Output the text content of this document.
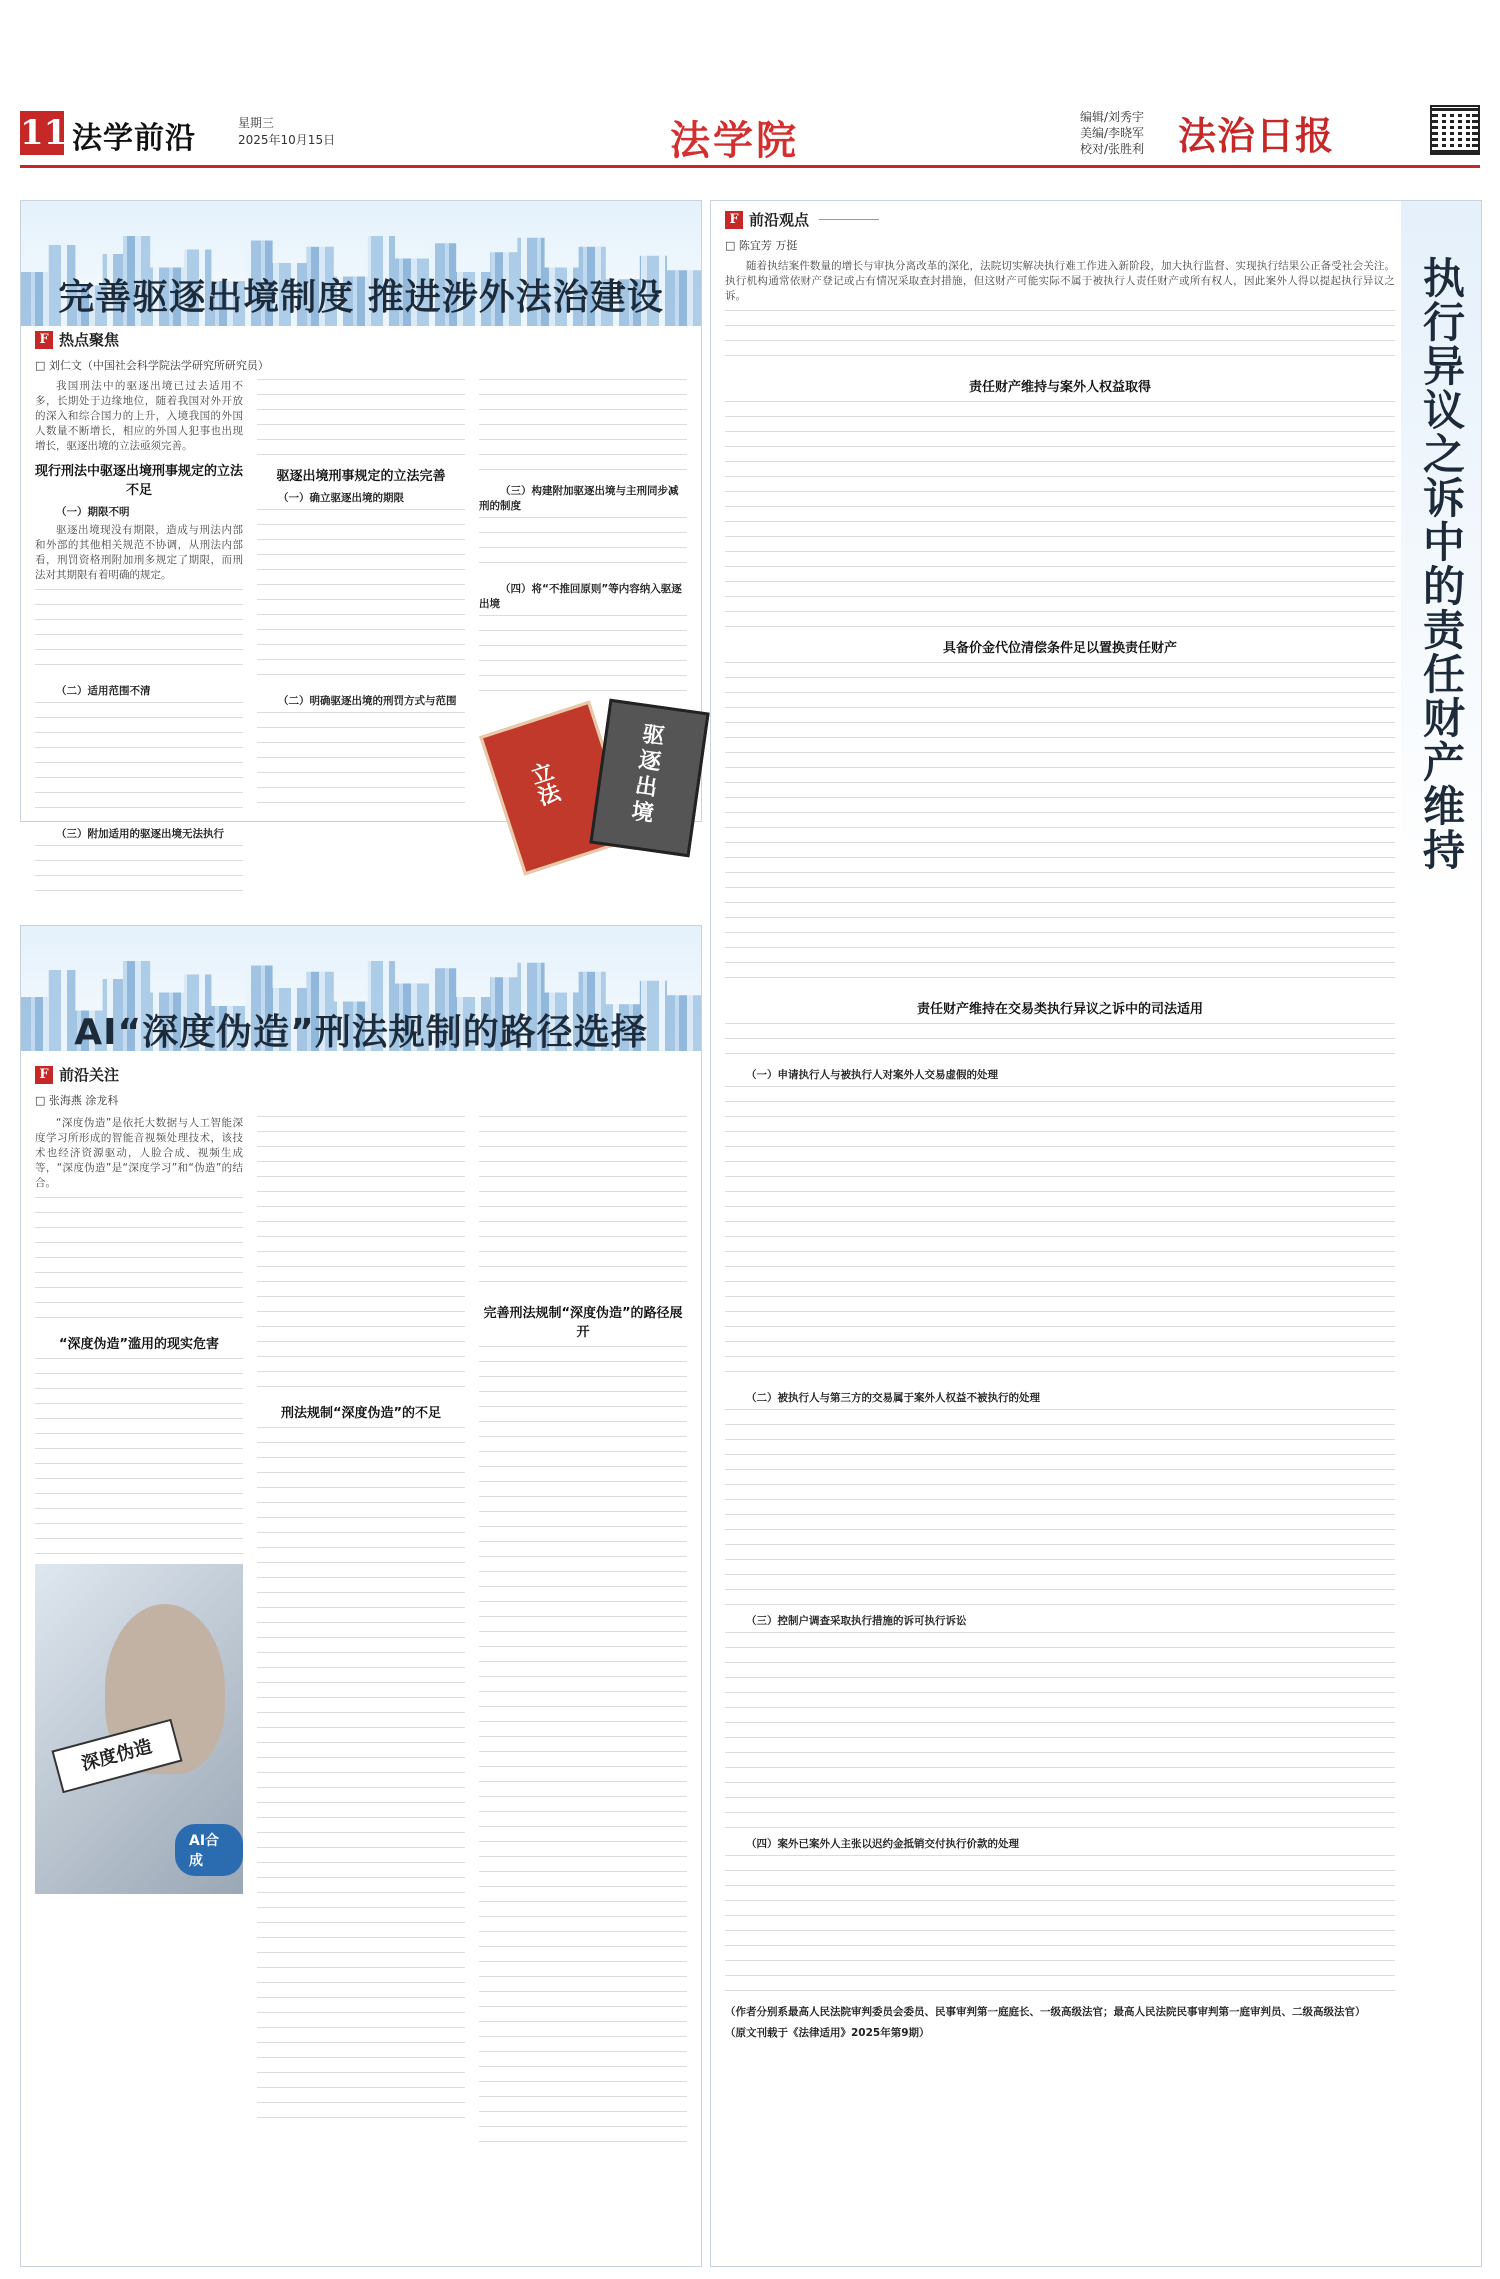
11 法学前沿	星期三
2025年10月15日	法学院	编辑/刘秀宇
美编/李晓军
校对/张胜利 法治日报
完善驱逐出境制度 推进涉外法治建设
F 热点聚焦
□ 刘仁文（中国社会科学院法学研究所研究员）

我国刑法中的驱逐出境已过去适用不多，长期处于边缘地位，随着我国对外开放的深入和综合国力的上升，入境我国的外国人数量不断增长，相应的外国人犯事也出现增长，驱逐出境的立法亟须完善。

现行刑法中驱逐出境刑事规定的立法不足
（一）期限不明

驱逐出境现没有期限，造成与刑法内部和外部的其他相关规范不协调，从刑法内部看，刑罚资格刑附加刑多规定了期限，而刑法对其期限有着明确的规定。

（二）适用范围不清
（三）附加适用的驱逐出境无法执行
驱逐出境刑事规定的立法完善
（一）确立驱逐出境的期限
（二）明确驱逐出境的刑罚方式与范围
（三）构建附加驱逐出境与主刑同步减刑的制度
（四）将“不推回原则”等内容纳入驱逐出境
立法	驱逐出境
AI“深度伪造”刑法规制的路径选择
F 前沿关注
□ 张海燕 涂龙科

“深度伪造”是依托大数据与人工智能深度学习所形成的智能音视频处理技术，该技术也经济资源驱动，人脸合成、视频生成等，“深度伪造”是“深度学习”和“伪造”的结合。

“深度伪造”滥用的现实危害
深度伪造
AI合成
刑法规制“深度伪造”的不足
完善刑法规制“深度伪造”的路径展开
执行异议之诉中的责任财产维持
F 前沿观点
□ 陈宜芳 万挺

随着执结案件数量的增长与审执分离改革的深化，法院切实解决执行难工作进入新阶段，加大执行监督、实现执行结果公正备受社会关注。执行机构通常依财产登记或占有情况采取查封措施，但这财产可能实际不属于被执行人责任财产或所有权人，因此案外人得以提起执行异议之诉。

责任财产维持与案外人权益取得
具备价金代位清偿条件足以置换责任财产
责任财产维持在交易类执行异议之诉中的司法适用
（一）申请执行人与被执行人对案外人交易虚假的处理
（二）被执行人与第三方的交易属于案外人权益不被执行的处理
（三）控制户调查采取执行措施的诉可执行诉讼
（四）案外已案外人主张以迟约金抵销交付执行价款的处理

（作者分别系最高人民法院审判委员会委员、民事审判第一庭庭长、一级高级法官；最高人民法院民事审判第一庭审判员、二级高级法官）

（原文刊载于《法律适用》2025年第9期）
